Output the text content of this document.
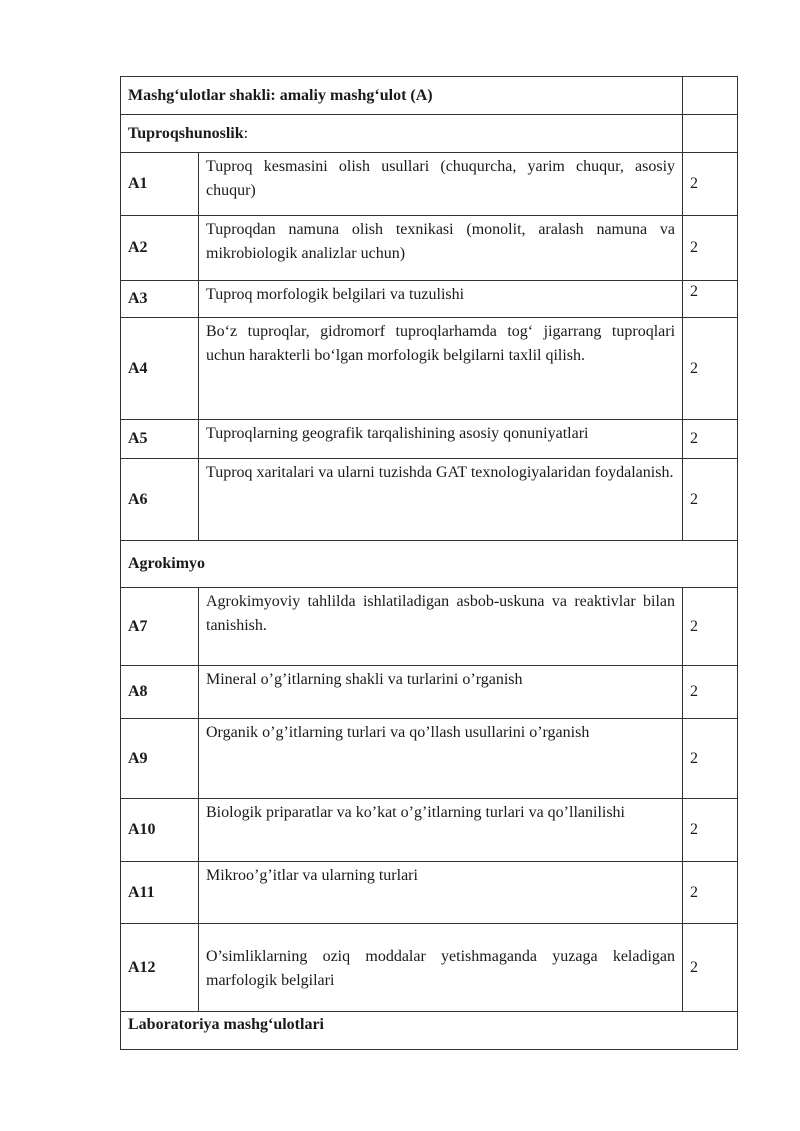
Mashg‘ulotlar shakli: amaliy mashg‘ulot (A)		
Tuproqshunoslik:		
A1	Tuproq kesmasini olish usullari (chuqurcha, yarim chuqur, asosiy chuqur)	2
A2	Tuproqdan namuna olish texnikasi (monolit, aralash namuna va mikrobiologik analizlar uchun)	2
A3	Tuproq morfologik belgilari va tuzulishi	2
A4	Bo‘z tuproqlar, gidromorf tuproqlarhamda tog‘ jigarrang tuproqlari uchun harakterli bo‘lgan morfologik belgilarni taxlil qilish.	2
A5	Tuproqlarning geografik tarqalishining asosiy qonuniyatlari	2
A6	Tuproq xaritalari va ularni tuzishda GAT texnologiyalaridan foydalanish.	2
Agrokimyo		
A7	Agrokimyoviy tahlilda ishlatiladigan asbob-uskuna va reaktivlar bilan tanishish.	2
A8	Mineral o’g’itlarning shakli va turlarini o’rganish	2
A9	Organik o’g’itlarning turlari va qo’llash usullarini o’rganish	2
A10	Biologik priparatlar va ko’kat o’g’itlarning turlari va qo’llanilishi	2
A11	Mikroo’g’itlar va ularning turlari	2
A12	O’simliklarning oziq moddalar yetishmaganda yuzaga keladigan marfologik belgilari	2
Laboratoriya mashg‘ulotlari		
